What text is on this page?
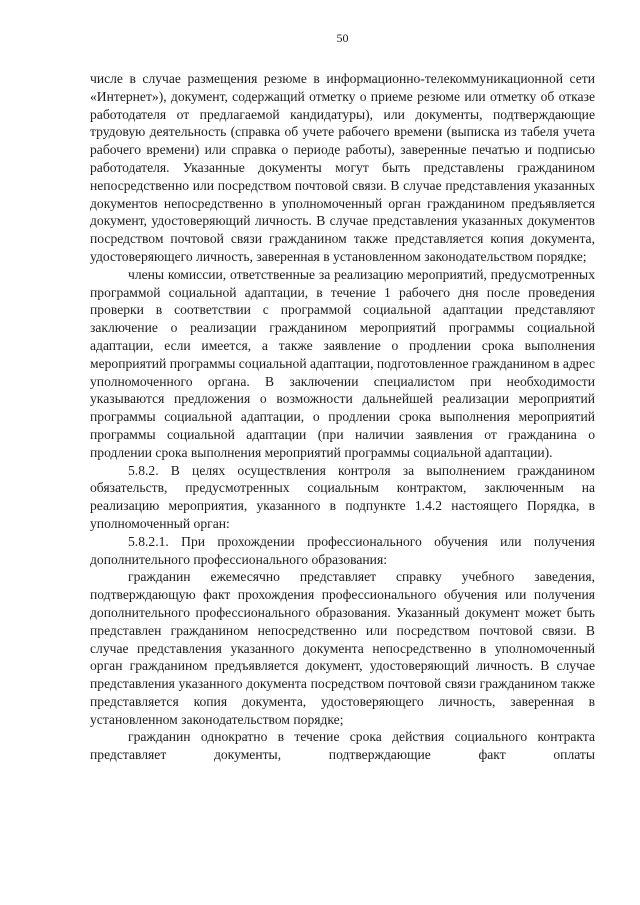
50

числе в случае размещения резюме в информационно-телекоммуникационной сети «Интернет»), документ, содержащий отметку о приеме резюме или отметку об отказе работодателя от предлагаемой кандидатуры), или документы, подтверждающие трудовую деятельность (справка об учете рабочего времени (выписка из табеля учета рабочего времени) или справка о периоде работы), заверенные печатью и подписью работодателя. Указанные документы могут быть представлены гражданином непосредственно или посредством почтовой связи. В случае представления указанных документов непосредственно в уполномоченный орган гражданином предъявляется документ, удостоверяющий личность. В случае представления указанных документов посредством почтовой связи гражданином также представляется копия документа, удостоверяющего личность, заверенная в установленном законодательством порядке;

члены комиссии, ответственные за реализацию мероприятий, предусмотренных программой социальной адаптации, в течение 1 рабочего дня после проведения проверки в соответствии с программой социальной адаптации представляют заключение о реализации гражданином мероприятий программы социальной адаптации, если имеется, а также заявление о продлении срока выполнения мероприятий программы социальной адаптации, подготовленное гражданином в адрес уполномоченного органа. В заключении специалистом при необходимости указываются предложения о возможности дальнейшей реализации мероприятий программы социальной адаптации, о продлении срока выполнения мероприятий программы социальной адаптации (при наличии заявления от гражданина о продлении срока выполнения мероприятий программы социальной адаптации).

5.8.2. В целях осуществления контроля за выполнением гражданином обязательств, предусмотренных социальным контрактом, заключенным на реализацию мероприятия, указанного в подпункте 1.4.2 настоящего Порядка, в уполномоченный орган:

5.8.2.1. При прохождении профессионального обучения или получения дополнительного профессионального образования:

гражданин ежемесячно представляет справку учебного заведения, подтверждающую факт прохождения профессионального обучения или получения дополнительного профессионального образования. Указанный документ может быть представлен гражданином непосредственно или посредством почтовой связи. В случае представления указанного документа непосредственно в уполномоченный орган гражданином предъявляется документ, удостоверяющий личность. В случае представления указанного документа посредством почтовой связи гражданином также представляется копия документа, удостоверяющего личность, заверенная в установленном законодательством порядке;

гражданин однократно в течение срока действия социального контракта представляет документы, подтверждающие факт оплаты
